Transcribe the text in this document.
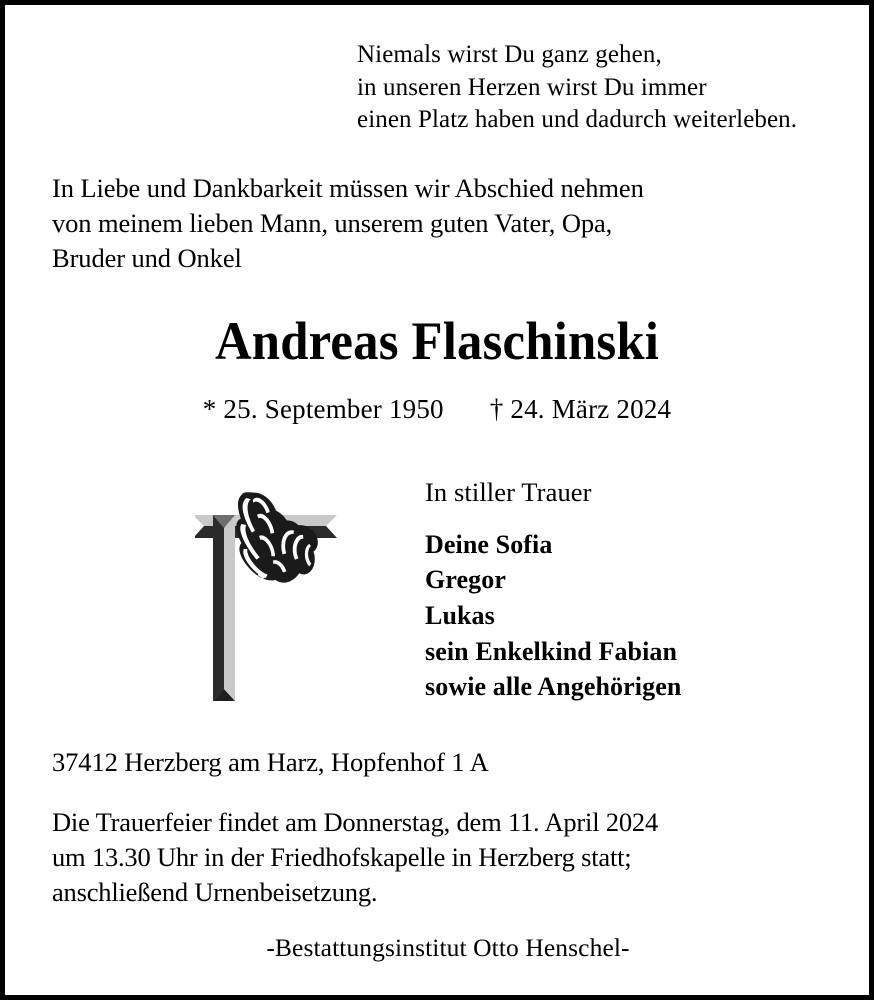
Niemals wirst Du ganz gehen,
in unseren Herzen wirst Du immer
einen Platz haben und dadurch weiterleben.
In Liebe und Dankbarkeit müssen wir Abschied nehmen
von meinem lieben Mann, unserem guten Vater, Opa,
Bruder und Onkel
Andreas Flaschinski
* 25. September 1950 † 24. März 2024
In stiller Trauer
Deine Sofia
Gregor
Lukas
sein Enkelkind Fabian
sowie alle Angehörigen
37412 Herzberg am Harz, Hopfenhof 1 A
Die Trauerfeier findet am Donnerstag, dem 11. April 2024
um 13.30 Uhr in der Friedhofskapelle in Herzberg statt;
anschließend Urnenbeisetzung.
-Bestattungsinstitut Otto Henschel-
